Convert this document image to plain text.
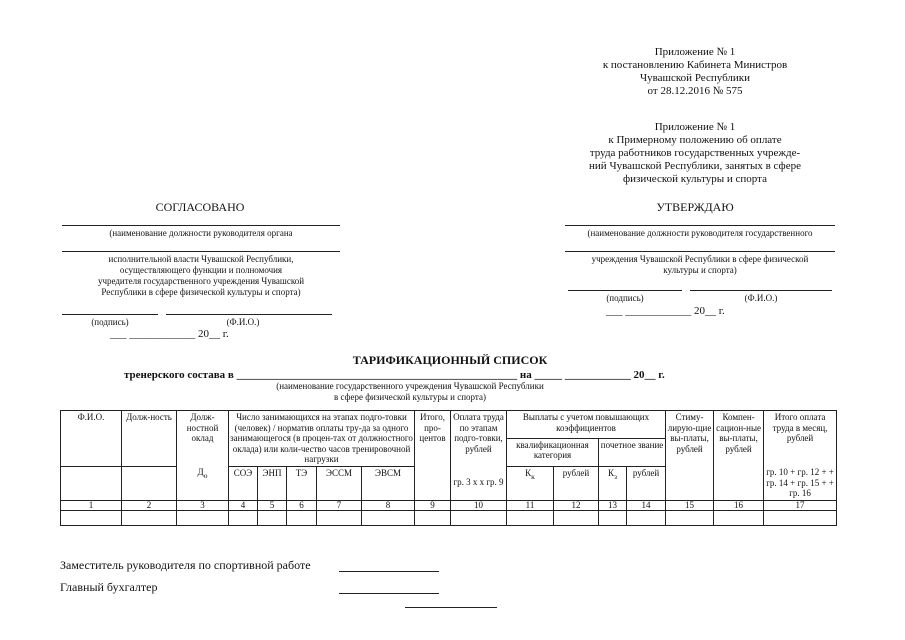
Приложение № 1
к постановлению Кабинета Министров
Чувашской Республики
от 28.12.2016 № 575
Приложение № 1
к Примерному положению об оплате
труда работников государственных учрежде-
ний Чувашской Республики, занятых в сфере
физической культуры и спорта
СОГЛАСОВАНО
(наименование должности руководителя органа
исполнительной власти Чувашской Республики,
осуществляющего функции и полномочия
учредителя государственного учреждения Чувашской
Республики в сфере физической культуры и спорта)
(подпись)	(Ф.И.О.)
___ ____________ 20__ г.
УТВЕРЖДАЮ
(наименование должности руководителя государственного
учреждения Чувашской Республики в сфере физической
культуры и спорта)
(подпись)	(Ф.И.О.)
___ ____________ 20__ г.
ТАРИФИКАЦИОННЫЙ СПИСОК
тренерского состава в ___________________________________________________ на _____ ____________ 20__ г.
(наименование государственного учреждения Чувашской Республики
в сфере физической культуры и спорта)
Ф.И.О.	Долж-ность	Долж-ностной оклад	Число занимающихся на этапах подго-товки (человек) / норматив оплаты тру-да за одного занимающегося (в процен-тах от должностного оклада) или коли-чество часов тренировочной нагрузки					Итого, про-центов	Оплата труда по этапам подго-товки, рублей	Выплаты с учетом повышающих коэффициентов				Стиму-лирую-щие вы-платы, рублей	Компен-сацион-ные вы-платы, рублей	Итого оплата труда в месяц, рублей
										квалификационная категория		почетное звание				
		$Д_о$	СОЭ	ЭНП	ТЭ	ЭССМ	ЭВСМ		гр. 3 х х гр. 9	$К_к$	рублей	$К_з$	рублей			гр. 10 + гр. 12 + + гр. 14 + гр. 15 + + гр. 16
1	2	3	4	5	6	7	8	9	10	11	12	13	14	15	16	17

Заместитель руководителя по спортивной работе
Главный бухгалтер
